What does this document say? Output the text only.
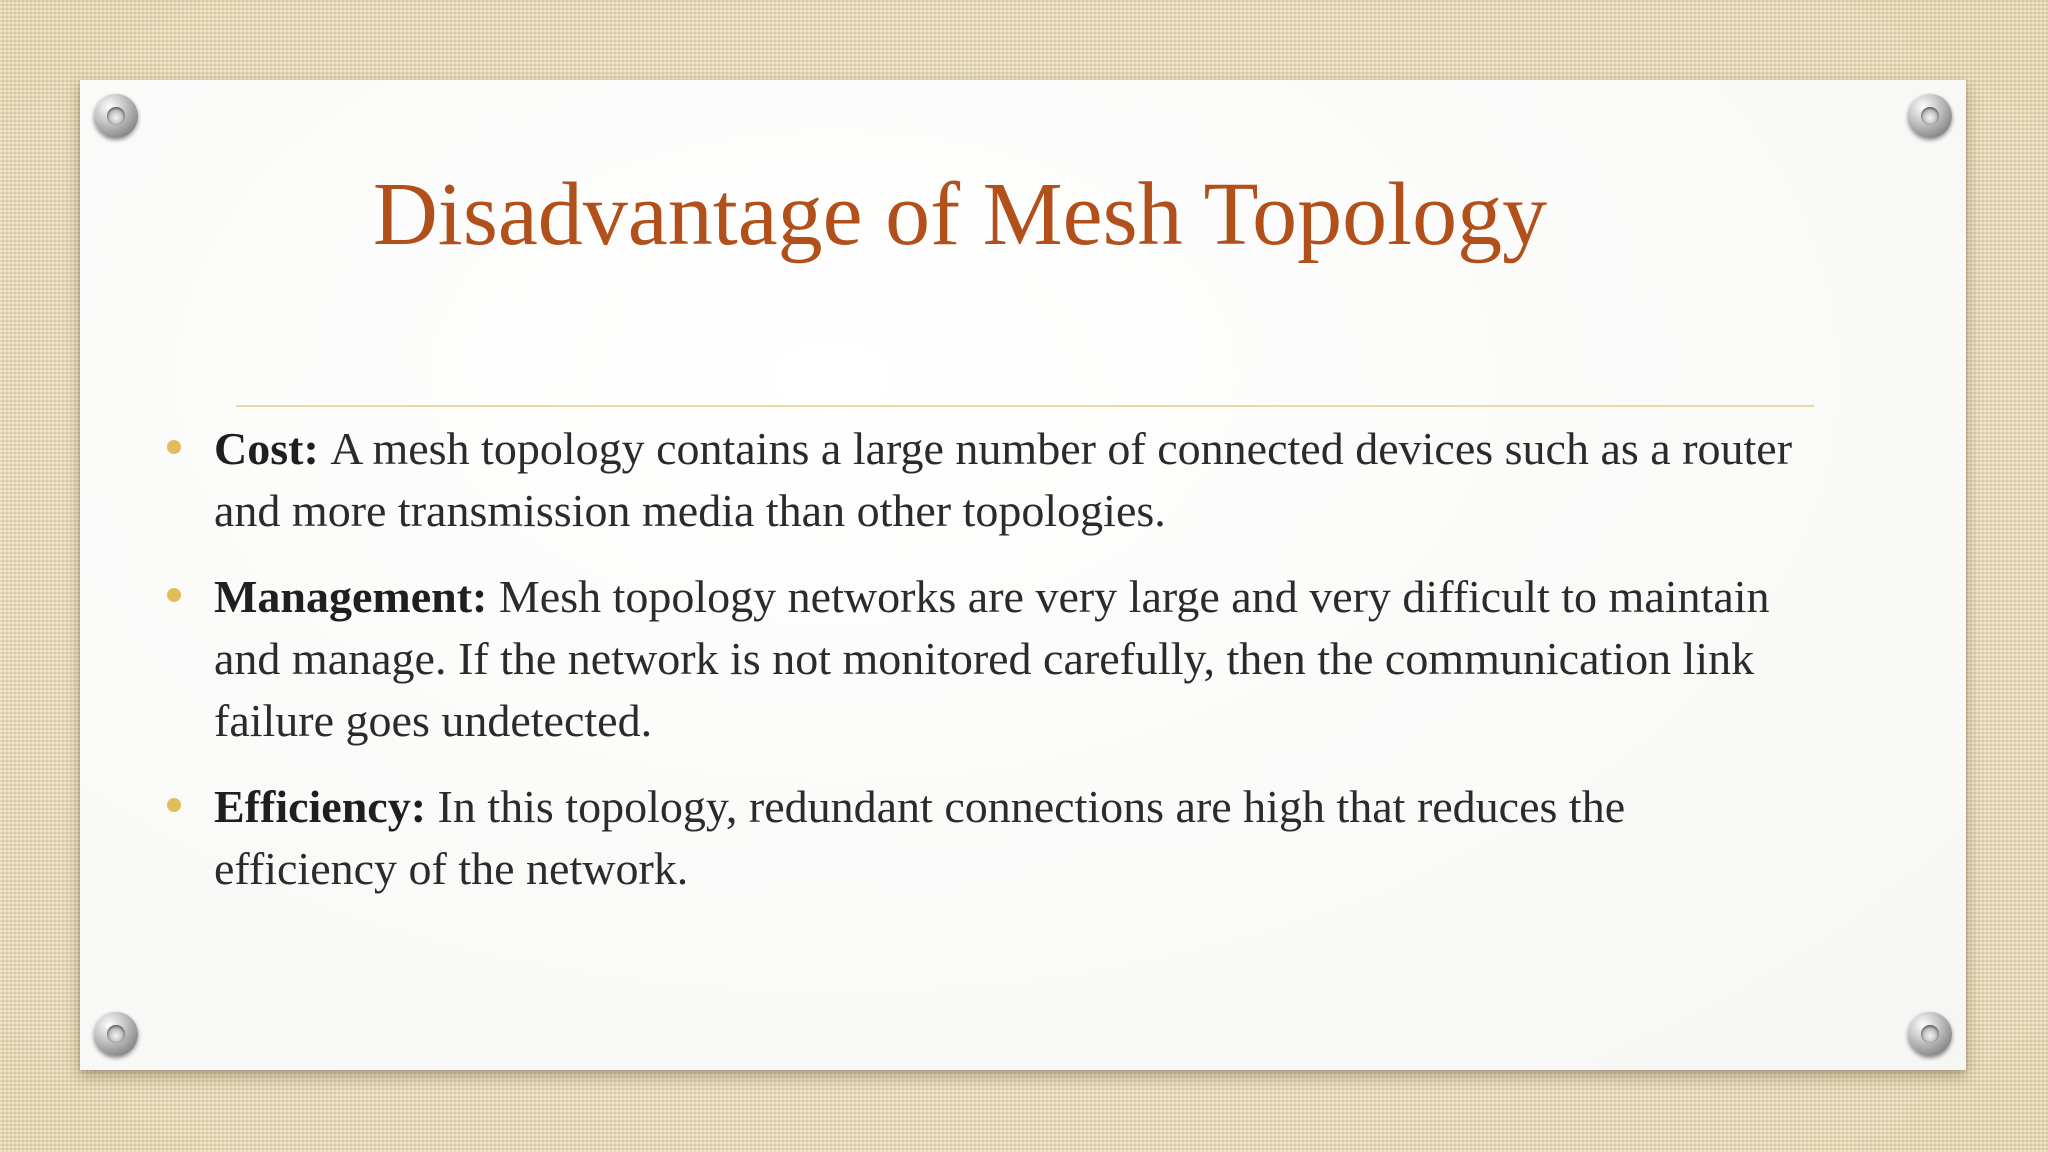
Disadvantage of Mesh Topology
Cost: A mesh topology contains a large number of connected devices such as a router and more transmission media than other topologies.
Management: Mesh topology networks are very large and very difficult to maintain and manage. If the network is not monitored carefully, then the communication link failure goes undetected.
Efficiency: In this topology, redundant connections are high that reduces the efficiency of the network.
